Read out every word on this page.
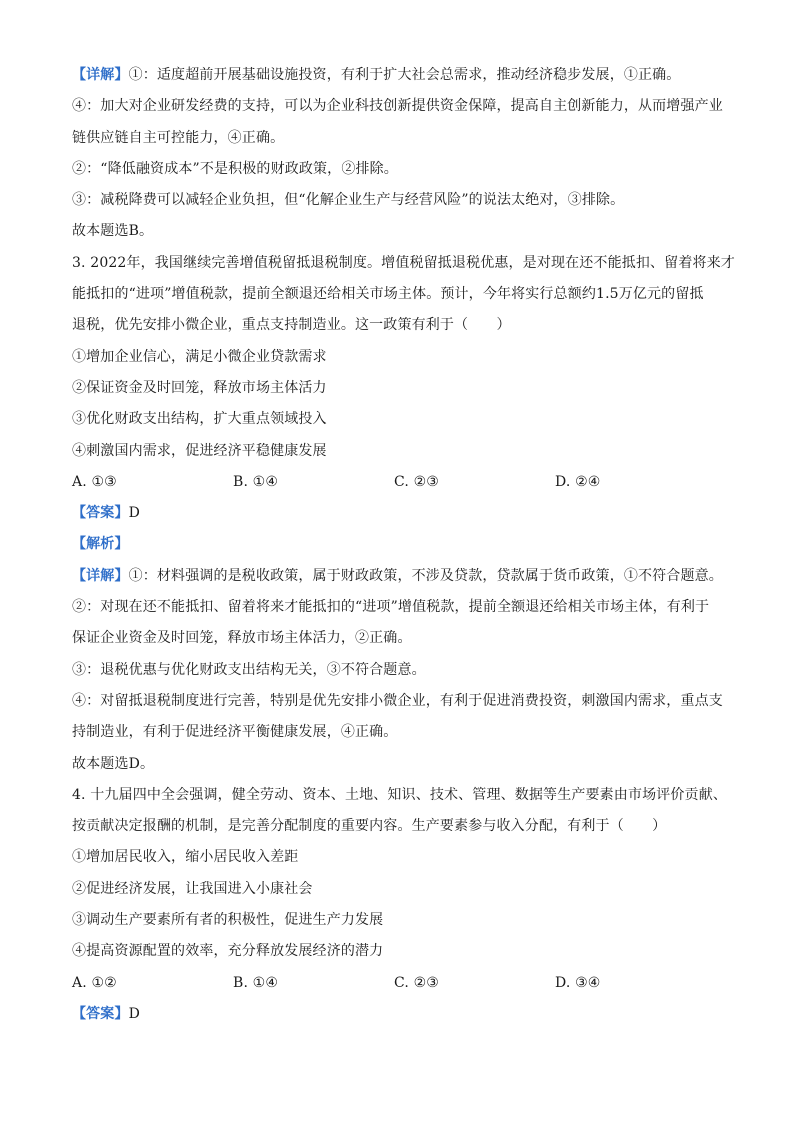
【详解】①：适度超前开展基础设施投资，有利于扩大社会总需求，推动经济稳步发展，①正确。
④：加大对企业研发经费的支持，可以为企业科技创新提供资金保障，提高自主创新能力，从而增强产业
链供应链自主可控能力，④正确。
②：“降低融资成本”不是积极的财政政策，②排除。
③：减税降费可以减轻企业负担，但“化解企业生产与经营风险”的说法太绝对，③排除。
故本题选B。
3. 2022年，我国继续完善增值税留抵退税制度。增值税留抵退税优惠，是对现在还不能抵扣、留着将来才
能抵扣的“进项”增值税款，提前全额退还给相关市场主体。预计，今年将实行总额约1.5万亿元的留抵
退税，优先安排小微企业，重点支持制造业。这一政策有利于（　　）
①增加企业信心，满足小微企业贷款需求
②保证资金及时回笼，释放市场主体活力
③优化财政支出结构，扩大重点领域投入
④刺激国内需求，促进经济平稳健康发展
A. ①③	B. ①④	C. ②③	D. ②④
【答案】D
【解析】
【详解】①：材料强调的是税收政策，属于财政政策，不涉及贷款，贷款属于货币政策，①不符合题意。
②：对现在还不能抵扣、留着将来才能抵扣的“进项”增值税款，提前全额退还给相关市场主体，有利于
保证企业资金及时回笼，释放市场主体活力，②正确。
③：退税优惠与优化财政支出结构无关，③不符合题意。
④：对留抵退税制度进行完善，特别是优先安排小微企业，有利于促进消费投资，刺激国内需求，重点支
持制造业，有利于促进经济平衡健康发展，④正确。
故本题选D。
4. 十九届四中全会强调，健全劳动、资本、土地、知识、技术、管理、数据等生产要素由市场评价贡献、
按贡献决定报酬的机制，是完善分配制度的重要内容。生产要素参与收入分配，有利于（　　）
①增加居民收入，缩小居民收入差距
②促进经济发展，让我国进入小康社会
③调动生产要素所有者的积极性，促进生产力发展
④提高资源配置的效率，充分释放发展经济的潜力
A. ①②	B. ①④	C. ②③	D. ③④
【答案】D
